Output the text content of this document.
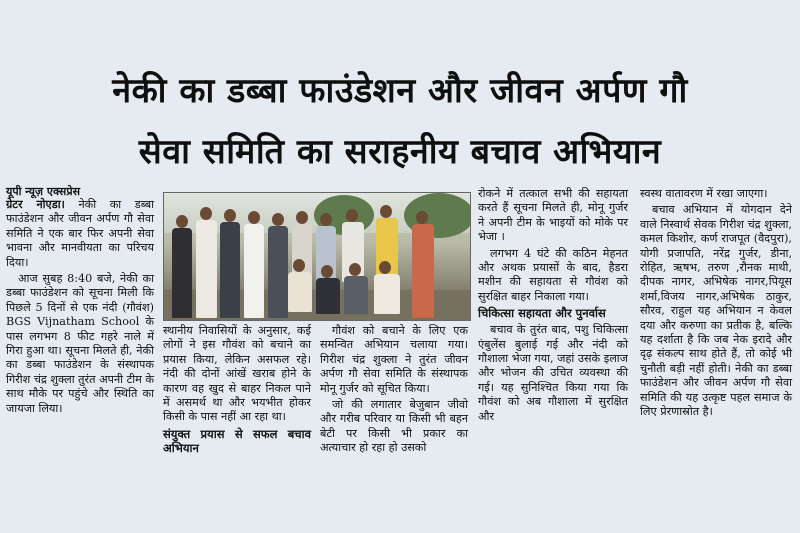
नेकी का डब्बा फाउंडेशन और जीवन अर्पण गौ
सेवा समिति का सराहनीय बचाव अभियान
यूपी न्यूज़ एक्सप्रेस

ग्रेटर नोएडा। नेकी का डब्बा फाउंडेशन और जीवन अर्पण गौ सेवा समिति ने एक बार फिर अपनी सेवा भावना और मानवीयता का परिचय दिया।

आज सुबह 8:40 बजे, नेकी का डब्बा फाउंडेशन को सूचना मिली कि पिछले 5 दिनों से एक नंदी (गौवंश) BGS Vijnatham School के पास लगभग 8 फीट गहरे नाले में गिरा हुआ था। सूचना मिलते ही, नेकी का डब्बा फाउंडेशन के संस्थापक गिरीश चंद्र शुक्ला तुरंत अपनी टीम के साथ मौके पर पहुंचे और स्थिति का जायजा लिया।

स्थानीय निवासियों के अनुसार, कई लोगों ने इस गौवंश को बचाने का प्रयास किया, लेकिन असफल रहे। नंदी की दोनों आंखें खराब होने के कारण वह खुद से बाहर निकल पाने में असमर्थ था और भयभीत होकर किसी के पास नहीं आ रहा था।

संयुक्त प्रयास से सफल बचाव अभियान

गौवंश को बचाने के लिए एक समन्वित अभियान चलाया गया। गिरीश चंद्र शुक्ला ने तुरंत जीवन अर्पण गौ सेवा समिति के संस्थापक मोनू गुर्जर को सूचित किया।

जो की लगातार बेजुबान जीवो और गरीब परिवार या किसी भी बहन बेटी पर किसी भी प्रकार का अत्याचार हो रहा हो उसको

रोकने में तत्काल सभी की सहायता करते हैं सूचना मिलते ही, मोनू गुर्जर ने अपनी टीम के भाइयों को मोके पर भेजा ।

लगभग 4 घंटे की कठिन मेहनत और अथक प्रयासों के बाद, हैडरा मशीन की सहायता से गौवंश को सुरक्षित बाहर निकाला गया।

चिकित्सा सहायता और पुनर्वास

बचाव के तुरंत बाद, पशु चिकित्सा एंबुलेंस बुलाई गई और नंदी को गौशाला भेजा गया, जहां उसके इलाज और भोजन की उचित व्यवस्था की गई। यह सुनिश्चित किया गया कि गौवंश को अब गौशाला में सुरक्षित और

स्वस्थ वातावरण में रखा जाएगा।

बचाव अभियान में योगदान देने वाले निस्वार्थ सेवक गिरीश चंद्र शुक्ला, कमल किशोर, कर्ण राजपूत (वैदपुरा), योगी प्रजापति, नरेंद्र गुर्जर, डीना, रोहित, ऋषभ, तरुण ,रौनक माथी, दीपक नागर, अभिषेक नागर,पियूस शर्मा,विजय नागर,अभिषेक ठाकुर, सौरव, राहुल यह अभियान न केवल दया और करुणा का प्रतीक है, बल्कि यह दर्शाता है कि जब नेक इरादे और दृढ़ संकल्प साथ होते हैं, तो कोई भी चुनौती बड़ी नहीं होती। नेकी का डब्बा फाउंडेशन और जीवन अर्पण गौ सेवा समिति की यह उत्कृष्ट पहल समाज के लिए प्रेरणास्रोत है।
